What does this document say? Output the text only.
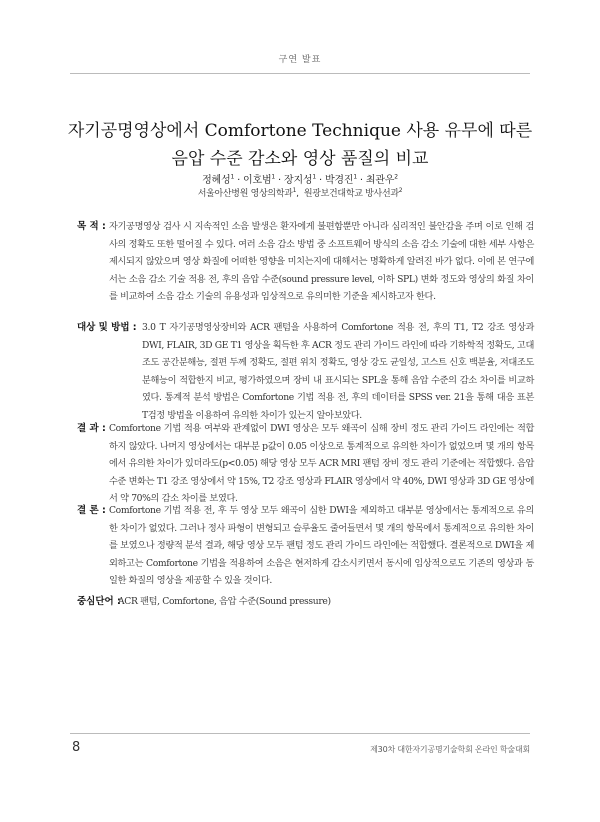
구연 발표
자기공명영상에서 Comfortone Technique 사용 유무에 따른
음압 수준 감소와 영상 품질의 비교
정혜성$^1$ · 이호범$^1$ · 장지성$^1$ · 박경진$^1$ · 최관우$^2$
서울아산병원 영상의학과$^1$,  원광보건대학교 방사선과$^2$
목 적 : 자기공명영상 검사 시 지속적인 소음 발생은 환자에게 불편함뿐만 아니라 심리적인 불안감을 주며 이로 인해 검사의 정확도 또한 떨어질 수 있다. 여러 소음 감소 방법 중 소프트웨어 방식의 소음 감소 기술에 대한 세부 사항은 제시되지 않았으며 영상 화질에 어떠한 영향을 미치는지에 대해서는 명확하게 알려진 바가 없다. 이에 본 연구에서는 소음 감소 기술 적용 전, 후의 음압 수준(sound pressure level, 이하 SPL) 변화 정도와 영상의 화질 차이를 비교하여 소음 감소 기술의 유용성과 임상적으로 유의미한 기준을 제시하고자 한다.

대상 및 방법 : 3.0 T 자기공명영상장비와 ACR 팬텀을 사용하여 Comfortone 적용 전, 후의 T1, T2 강조 영상과 DWI, FLAIR, 3D GE T1 영상을 획득한 후 ACR 정도 관리 가이드 라인에 따라 기하학적 정확도, 고대조도 공간분해능, 절편 두께 정확도, 절편 위치 정확도, 영상 강도 균일성, 고스트 신호 백분율, 저대조도 분해능이 적합한지 비교, 평가하였으며 장비 내 표시되는 SPL을 통해 음압 수준의 감소 차이를 비교하였다. 통계적 분석 방법은 Comfortone 기법 적용 전, 후의 데이터를 SPSS ver. 21을 통해 대응 표본 T검정 방법을 이용하여 유의한 차이가 있는지 알아보았다.

결 과 : Comfortone 기법 적용 여부와 관계없이 DWI 영상은 모두 왜곡이 심해 장비 정도 관리 가이드 라인에는 적합하지 않았다. 나머지 영상에서는 대부분 p값이 0.05 이상으로 통계적으로 유의한 차이가 없었으며 몇 개의 항목에서 유의한 차이가 있더라도(p<0.05) 해당 영상 모두 ACR MRI 팬텀 장비 정도 관리 기준에는 적합했다. 음압 수준 변화는 T1 강조 영상에서 약 15%, T2 강조 영상과 FLAIR 영상에서 약 40%, DWI 영상과 3D GE 영상에서 약 70%의 감소 차이를 보였다.

결 론 : Comfortone 기법 적용 전, 후 두 영상 모두 왜곡이 심한 DWI을 제외하고 대부분 영상에서는 통계적으로 유의한 차이가 없었다. 그러나 정사 파형이 변형되고 슬루율도 줄어들면서 몇 개의 항목에서 통계적으로 유의한 차이를 보였으나 정량적 분석 결과, 해당 영상 모두 팬텀 정도 관리 가이드 라인에는 적합했다. 결론적으로 DWI을 제외하고는 Comfortone 기법을 적용하여 소음은 현저하게 감소시키면서 동시에 임상적으로도 기존의 영상과 동일한 화질의 영상을 제공할 수 있을 것이다.

중심단어 :

ACR 팬텀, Comfortone, 음압 수준(Sound pressure)

8	제30차 대한자기공명기술학회 온라인 학술대회
